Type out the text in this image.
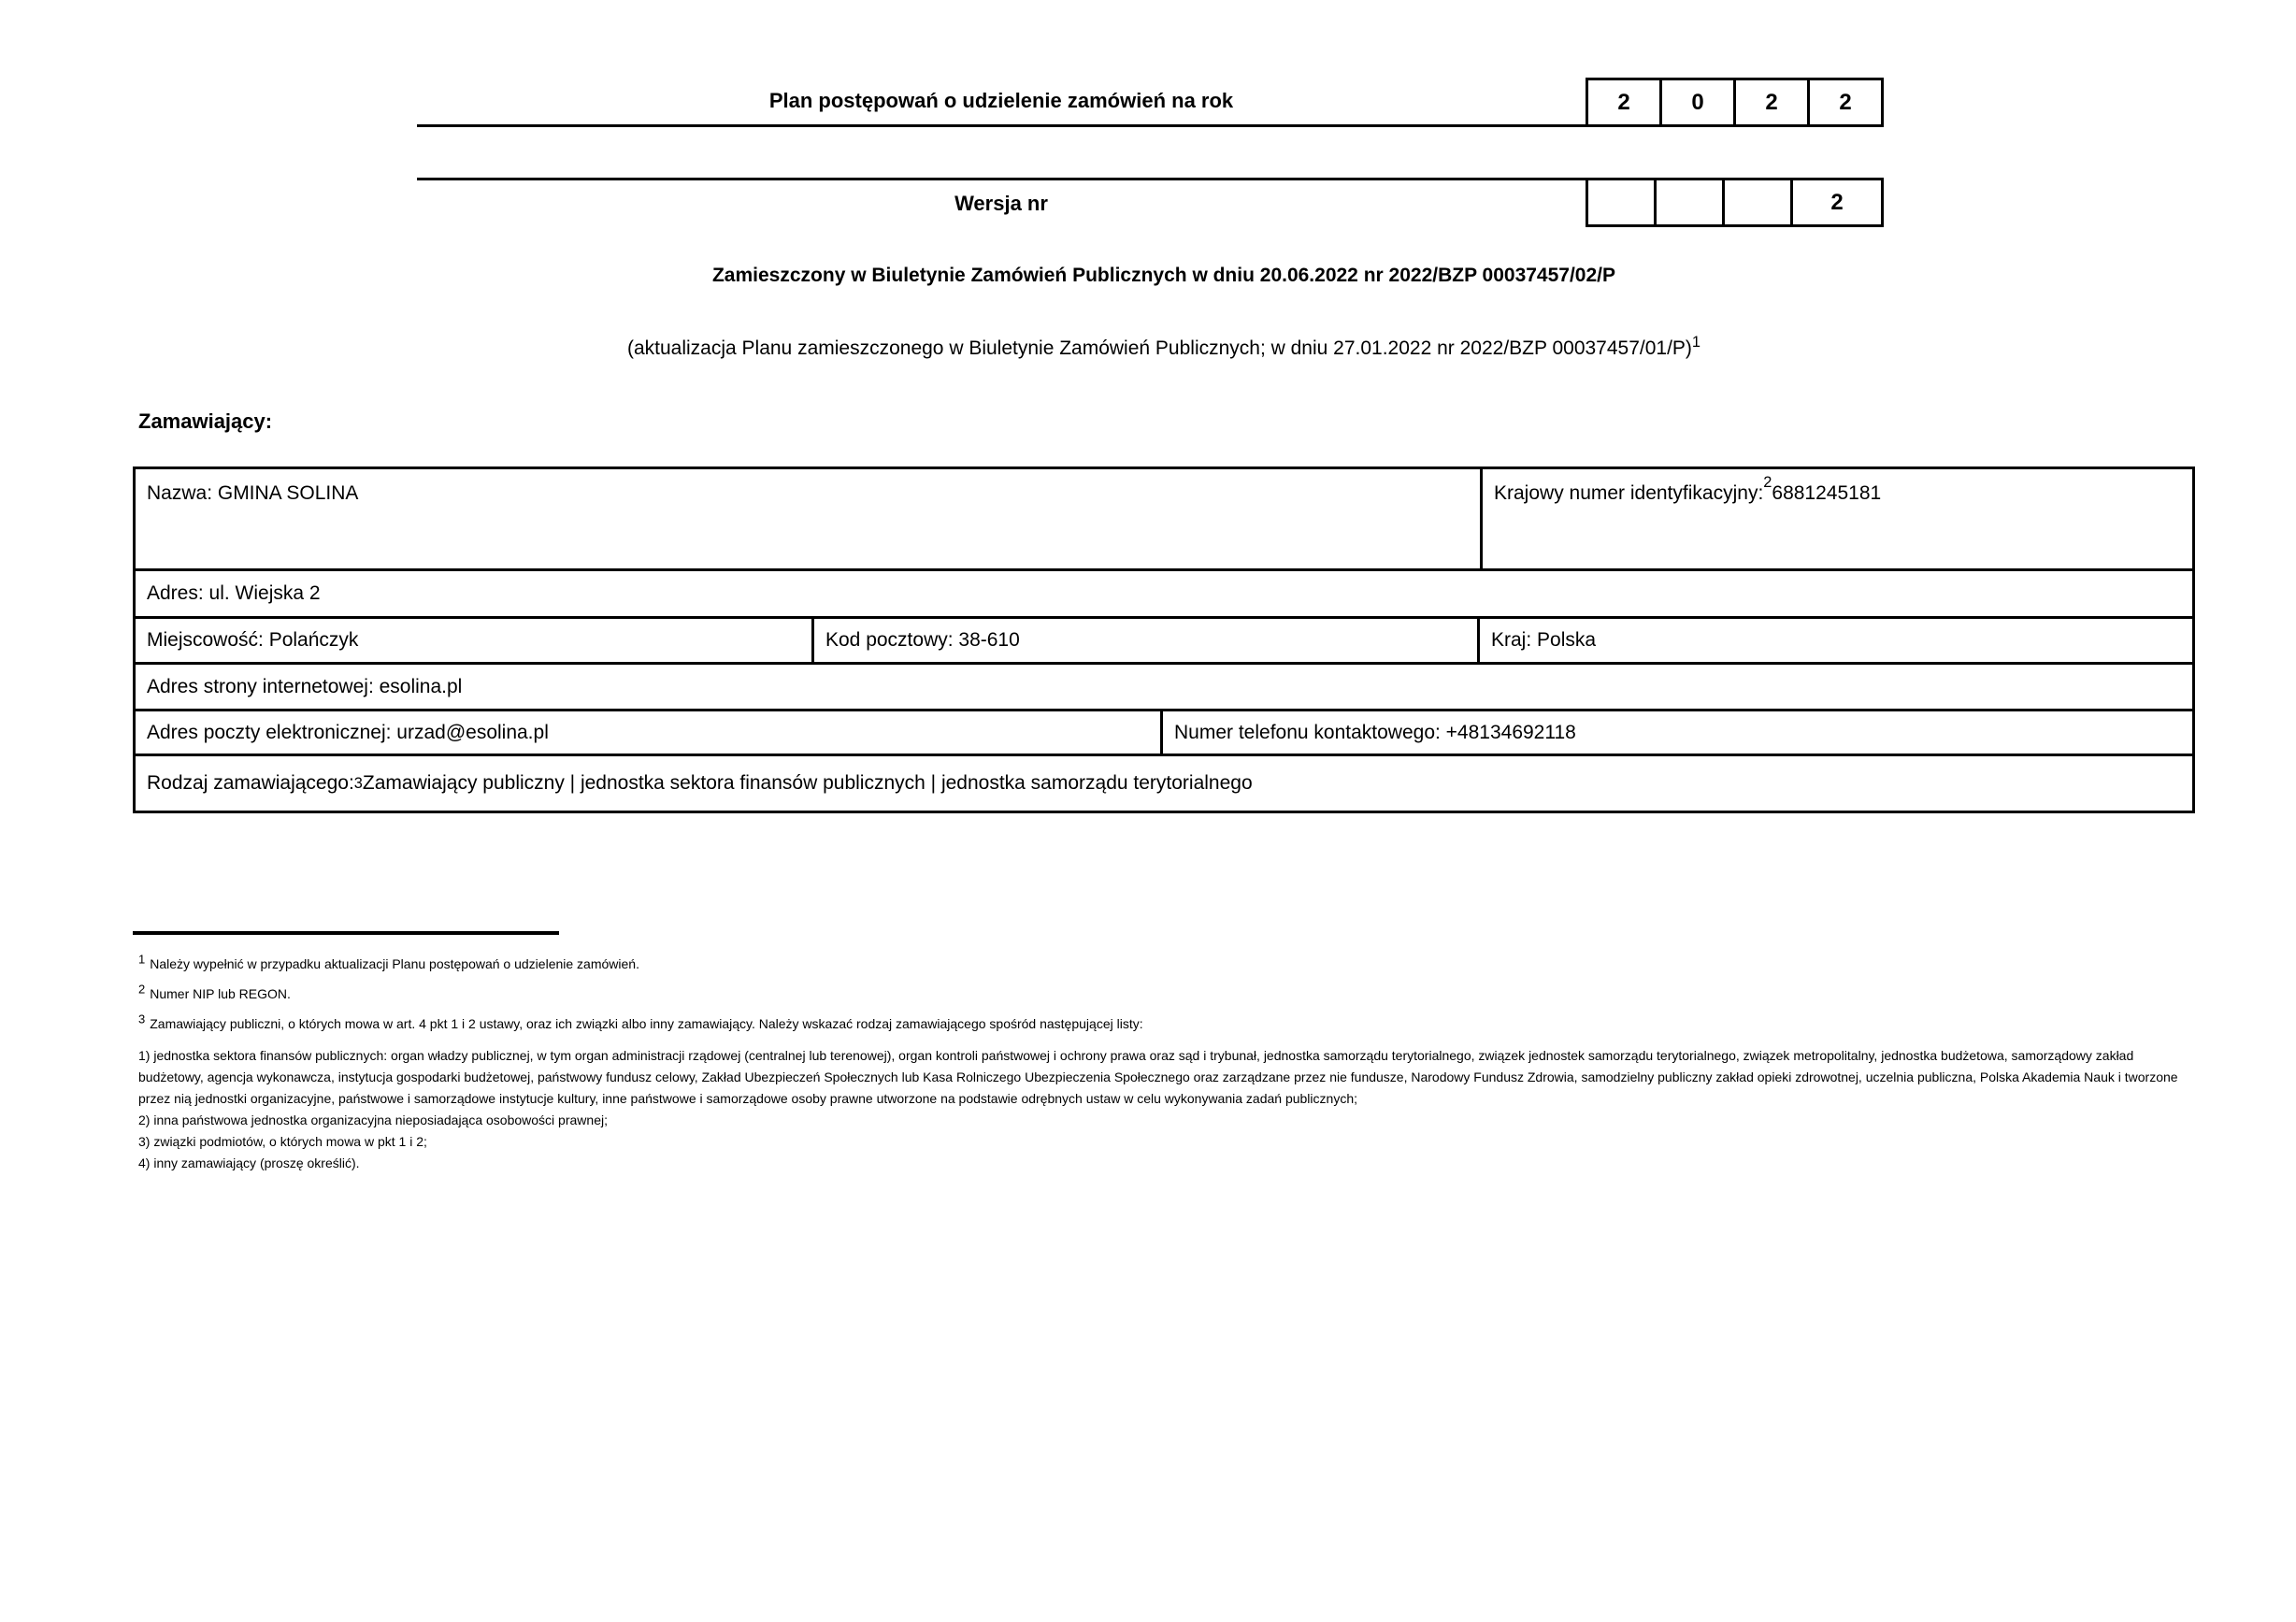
Plan postępowań o udzielenie zamówień na rok	2	0	2	2
Wersja nr	2
Zamieszczony w Biuletynie Zamówień Publicznych w dniu 20.06.2022 nr 2022/BZP 00037457/02/P
(aktualizacja Planu zamieszczonego w Biuletynie Zamówień Publicznych; w dniu 27.01.2022 nr 2022/BZP 00037457/01/P)$^1$
Zamawiający:
Nazwa: GMINA SOLINA	Krajowy numer identyfikacyjny: 2 6881245181
Adres: ul. Wiejska 2
Miejscowość: Polańczyk	Kod pocztowy: 38-610	Kraj: Polska
Adres strony internetowej: esolina.pl
Adres poczty elektronicznej: urzad@esolina.pl	Numer telefonu kontaktowego: +48134692118
Rodzaj zamawiającego: 3 Zamawiający publiczny | jednostka sektora finansów publicznych | jednostka samorządu terytorialnego
$^1$ Należy wypełnić w przypadku aktualizacji Planu postępowań o udzielenie zamówień.
$^2$ Numer NIP lub REGON.
$^3$ Zamawiający publiczni, o których mowa w art. 4 pkt 1 i 2 ustawy, oraz ich związki albo inny zamawiający. Należy wskazać rodzaj zamawiającego spośród następującej listy:
1) jednostka sektora finansów publicznych: organ władzy publicznej, w tym organ administracji rządowej (centralnej lub terenowej), organ kontroli państwowej i ochrony prawa oraz sąd i trybunał, jednostka samorządu terytorialnego, związek jednostek samorządu terytorialnego, związek metropolitalny, jednostka budżetowa, samorządowy zakład budżetowy, agencja wykonawcza, instytucja gospodarki budżetowej, państwowy fundusz celowy, Zakład Ubezpieczeń Społecznych lub Kasa Rolniczego Ubezpieczenia Społecznego oraz zarządzane przez nie fundusze, Narodowy Fundusz Zdrowia, samodzielny publiczny zakład opieki zdrowotnej, uczelnia publiczna, Polska Akademia Nauk i tworzone przez nią jednostki organizacyjne, państwowe i samorządowe instytucje kultury, inne państwowe i samorządowe osoby prawne utworzone na podstawie odrębnych ustaw w celu wykonywania zadań publicznych;
2) inna państwowa jednostka organizacyjna nieposiadająca osobowości prawnej;
3) związki podmiotów, o których mowa w pkt 1 i 2;
4) inny zamawiający (proszę określić).
